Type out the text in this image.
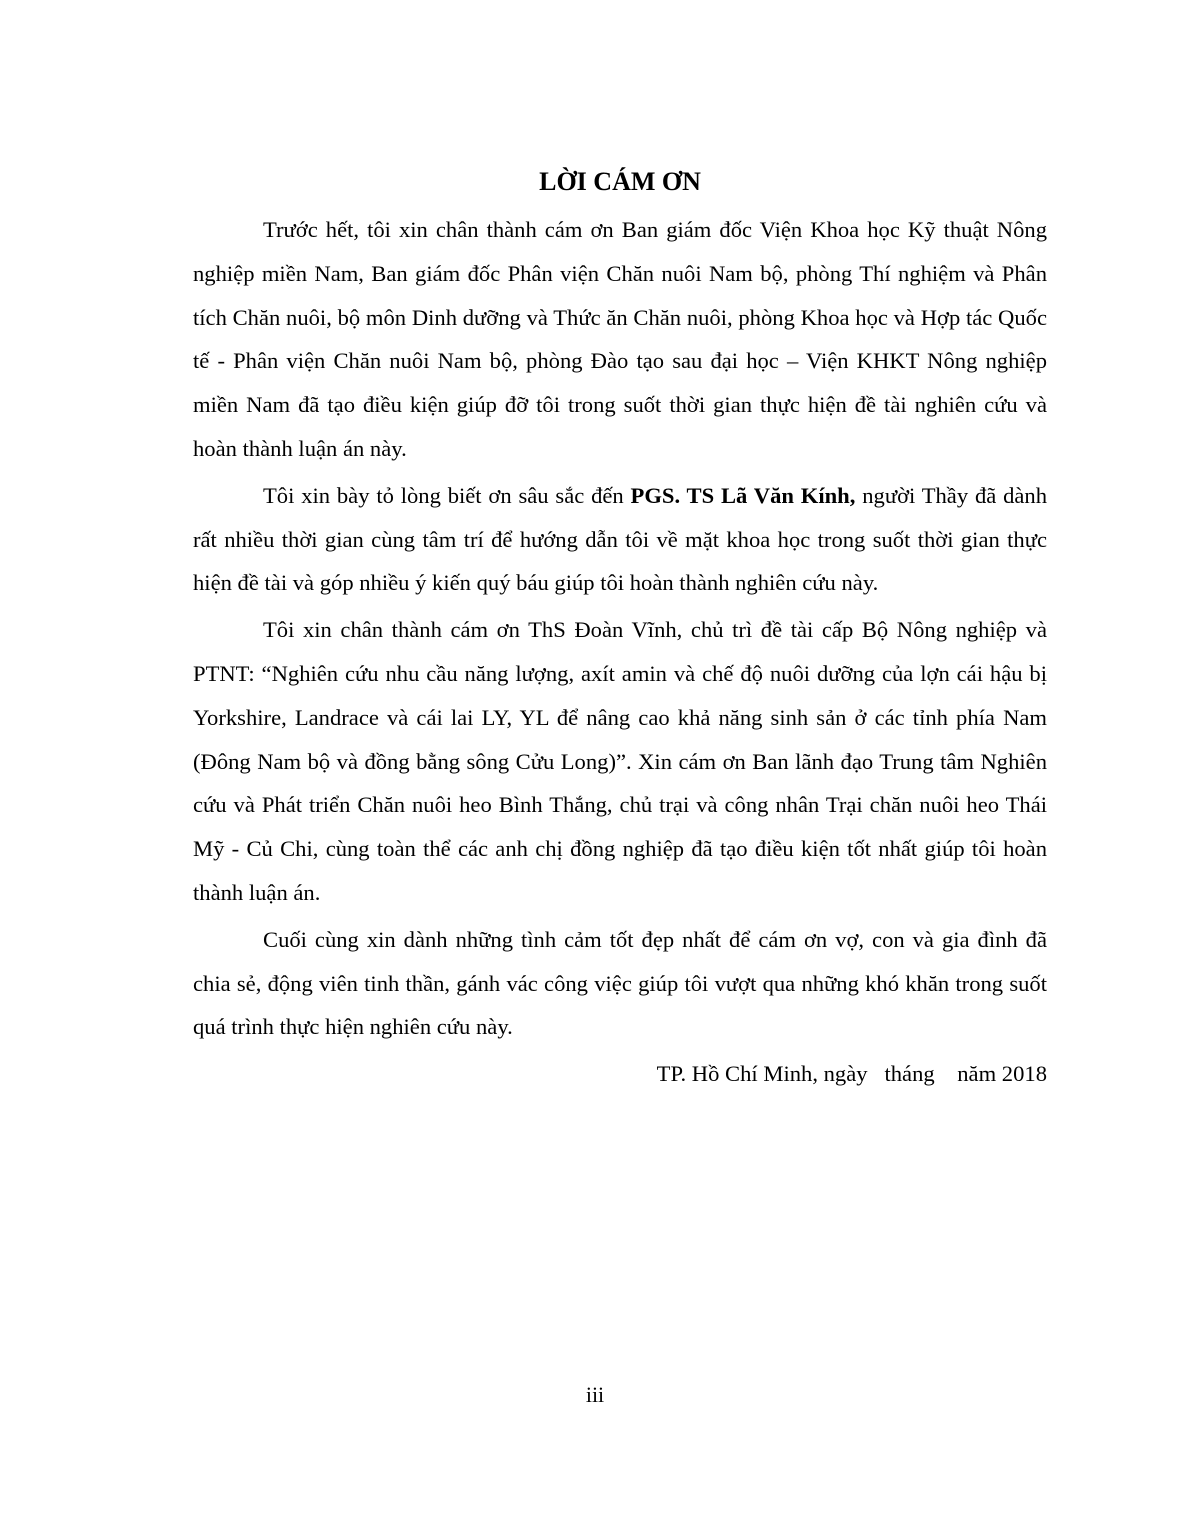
LỜI CÁM ƠN

Trước hết, tôi xin chân thành cám ơn Ban giám đốc Viện Khoa học Kỹ thuật Nông nghiệp miền Nam, Ban giám đốc Phân viện Chăn nuôi Nam bộ, phòng Thí nghiệm và Phân tích Chăn nuôi, bộ môn Dinh dưỡng và Thức ăn Chăn nuôi, phòng Khoa học và Hợp tác Quốc tế - Phân viện Chăn nuôi Nam bộ, phòng Đào tạo sau đại học – Viện KHKT Nông nghiệp miền Nam đã tạo điều kiện giúp đỡ tôi trong suốt thời gian thực hiện đề tài nghiên cứu và hoàn thành luận án này.

Tôi xin bày tỏ lòng biết ơn sâu sắc đến PGS. TS Lã Văn Kính, người Thầy đã dành rất nhiều thời gian cùng tâm trí để hướng dẫn tôi về mặt khoa học trong suốt thời gian thực hiện đề tài và góp nhiều ý kiến quý báu giúp tôi hoàn thành nghiên cứu này.

Tôi xin chân thành cám ơn ThS Đoàn Vĩnh, chủ trì đề tài cấp Bộ Nông nghiệp và PTNT: “Nghiên cứu nhu cầu năng lượng, axít amin và chế độ nuôi dưỡng của lợn cái hậu bị Yorkshire, Landrace và cái lai LY, YL để nâng cao khả năng sinh sản ở các tỉnh phía Nam (Đông Nam bộ và đồng bằng sông Cửu Long)”. Xin cám ơn Ban lãnh đạo Trung tâm Nghiên cứu và Phát triển Chăn nuôi heo Bình Thắng, chủ trại và công nhân Trại chăn nuôi heo Thái Mỹ - Củ Chi, cùng toàn thể các anh chị đồng nghiệp đã tạo điều kiện tốt nhất giúp tôi hoàn thành luận án.

Cuối cùng xin dành những tình cảm tốt đẹp nhất để cám ơn vợ, con và gia đình đã chia sẻ, động viên tinh thần, gánh vác công việc giúp tôi vượt qua những khó khăn trong suốt quá trình thực hiện nghiên cứu này.

TP. Hồ Chí Minh, ngày   tháng    năm 2018

iii
